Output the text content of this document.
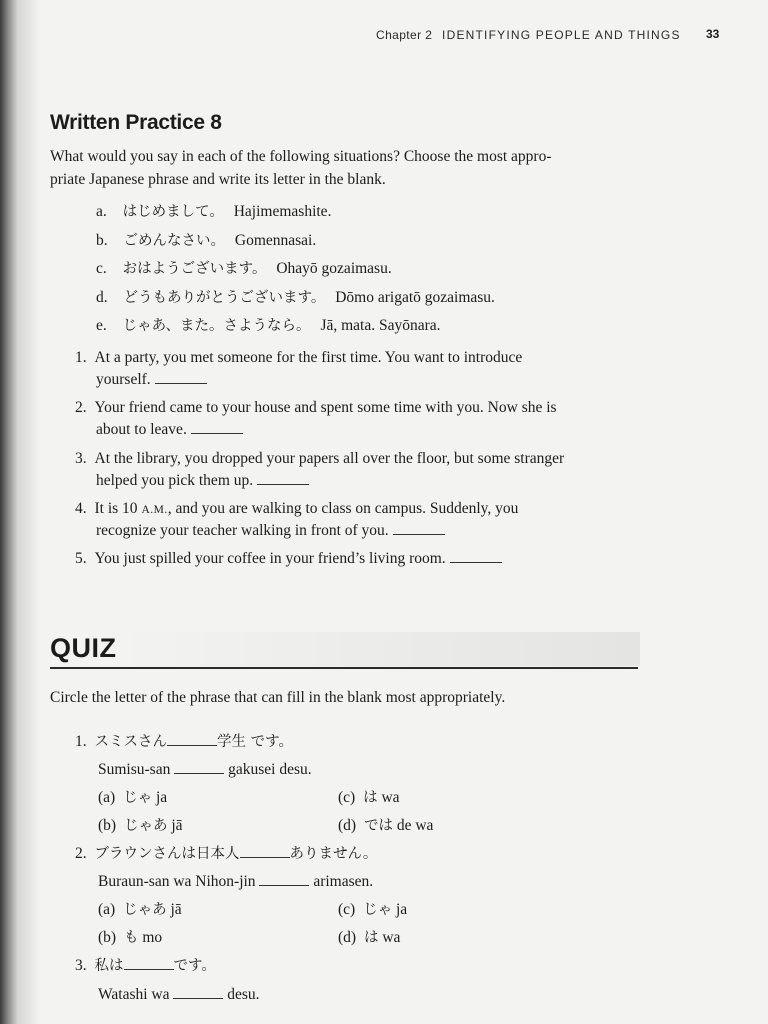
Chapter 2 IDENTIFYING PEOPLE AND THINGS 33
Written Practice 8
What would you say in each of the following situations? Choose the most appro-
priate Japanese phrase and write its letter in the blank.
a. はじめまして。 Hajimemashite.
b. ごめんなさい。 Gomennasai.
c. おはようございます。 Ohayō gozaimasu.
d. どうもありがとうございます。 Dōmo arigatō gozaimasu.
e. じゃあ、また。さようなら。 Jā, mata. Sayōnara.
1. At a party, you met someone for the first time. You want to introduce
yourself.
2. Your friend came to your house and spent some time with you. Now she is
about to leave.
3. At the library, you dropped your papers all over the floor, but some stranger
helped you pick them up.
4. It is 10 A.M., and you are walking to class on campus. Suddenly, you
recognize your teacher walking in front of you.
5. You just spilled your coffee in your friend’s living room.
QUIZ
Circle the letter of the phrase that can fill in the blank most appropriately.
1. スミスさん	学生 です。
Sumisu-san	gakusei desu.
(a) じゃ ja	(c) は wa
(b) じゃあ jā	(d) では de wa
2. ブラウンさんは日本人	ありません。
Buraun-san wa Nihon-jin	arimasen.
(a) じゃあ jā	(c) じゃ ja
(b) も mo	(d) は wa
3. 私は	です。
Watashi wa	desu.
